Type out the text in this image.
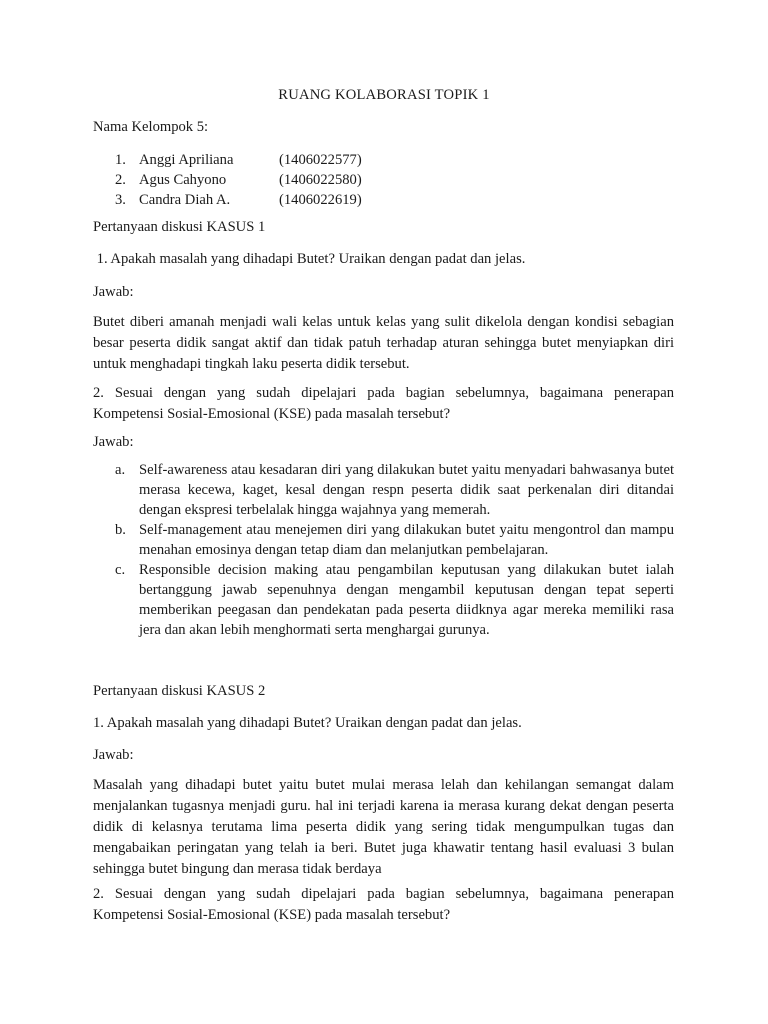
RUANG KOLABORASI TOPIK 1
Nama Kelompok 5:
1. Anggi Apriliana	(1406022577)
2. Agus Cahyono	(1406022580)
3. Candra Diah A.	(1406022619)
Pertanyaan diskusi KASUS 1
1. Apakah masalah yang dihadapi Butet? Uraikan dengan padat dan jelas.
Jawab:
Butet diberi amanah menjadi wali kelas untuk kelas yang sulit dikelola dengan kondisi sebagian besar peserta didik sangat aktif dan tidak patuh terhadap aturan sehingga butet menyiapkan diri untuk menghadapi tingkah laku peserta didik tersebut.
2. Sesuai dengan yang sudah dipelajari pada bagian sebelumnya, bagaimana penerapan Kompetensi Sosial-Emosional (KSE) pada masalah tersebut?
Jawab:
a. Self-awareness atau kesadaran diri yang dilakukan butet yaitu menyadari bahwasanya butet merasa kecewa, kaget, kesal dengan respn peserta didik saat perkenalan diri ditandai dengan ekspresi terbelalak hingga wajahnya yang memerah.
b. Self-management atau menejemen diri yang dilakukan butet yaitu mengontrol dan mampu menahan emosinya dengan tetap diam dan melanjutkan pembelajaran.
c. Responsible decision making atau pengambilan keputusan yang dilakukan butet ialah bertanggung jawab sepenuhnya dengan mengambil keputusan dengan tepat seperti memberikan peegasan dan pendekatan pada peserta diidknya agar mereka memiliki rasa jera dan akan lebih menghormati serta menghargai gurunya.
Pertanyaan diskusi KASUS 2
1. Apakah masalah yang dihadapi Butet? Uraikan dengan padat dan jelas.
Jawab:
Masalah yang dihadapi butet yaitu butet mulai merasa lelah dan kehilangan semangat dalam menjalankan tugasnya menjadi guru. hal ini terjadi karena ia merasa kurang dekat dengan peserta didik di kelasnya terutama lima peserta didik yang sering tidak mengumpulkan tugas dan mengabaikan peringatan yang telah ia beri. Butet juga khawatir tentang hasil evaluasi 3 bulan sehingga butet bingung dan merasa tidak berdaya
2. Sesuai dengan yang sudah dipelajari pada bagian sebelumnya, bagaimana penerapan Kompetensi Sosial-Emosional (KSE) pada masalah tersebut?
